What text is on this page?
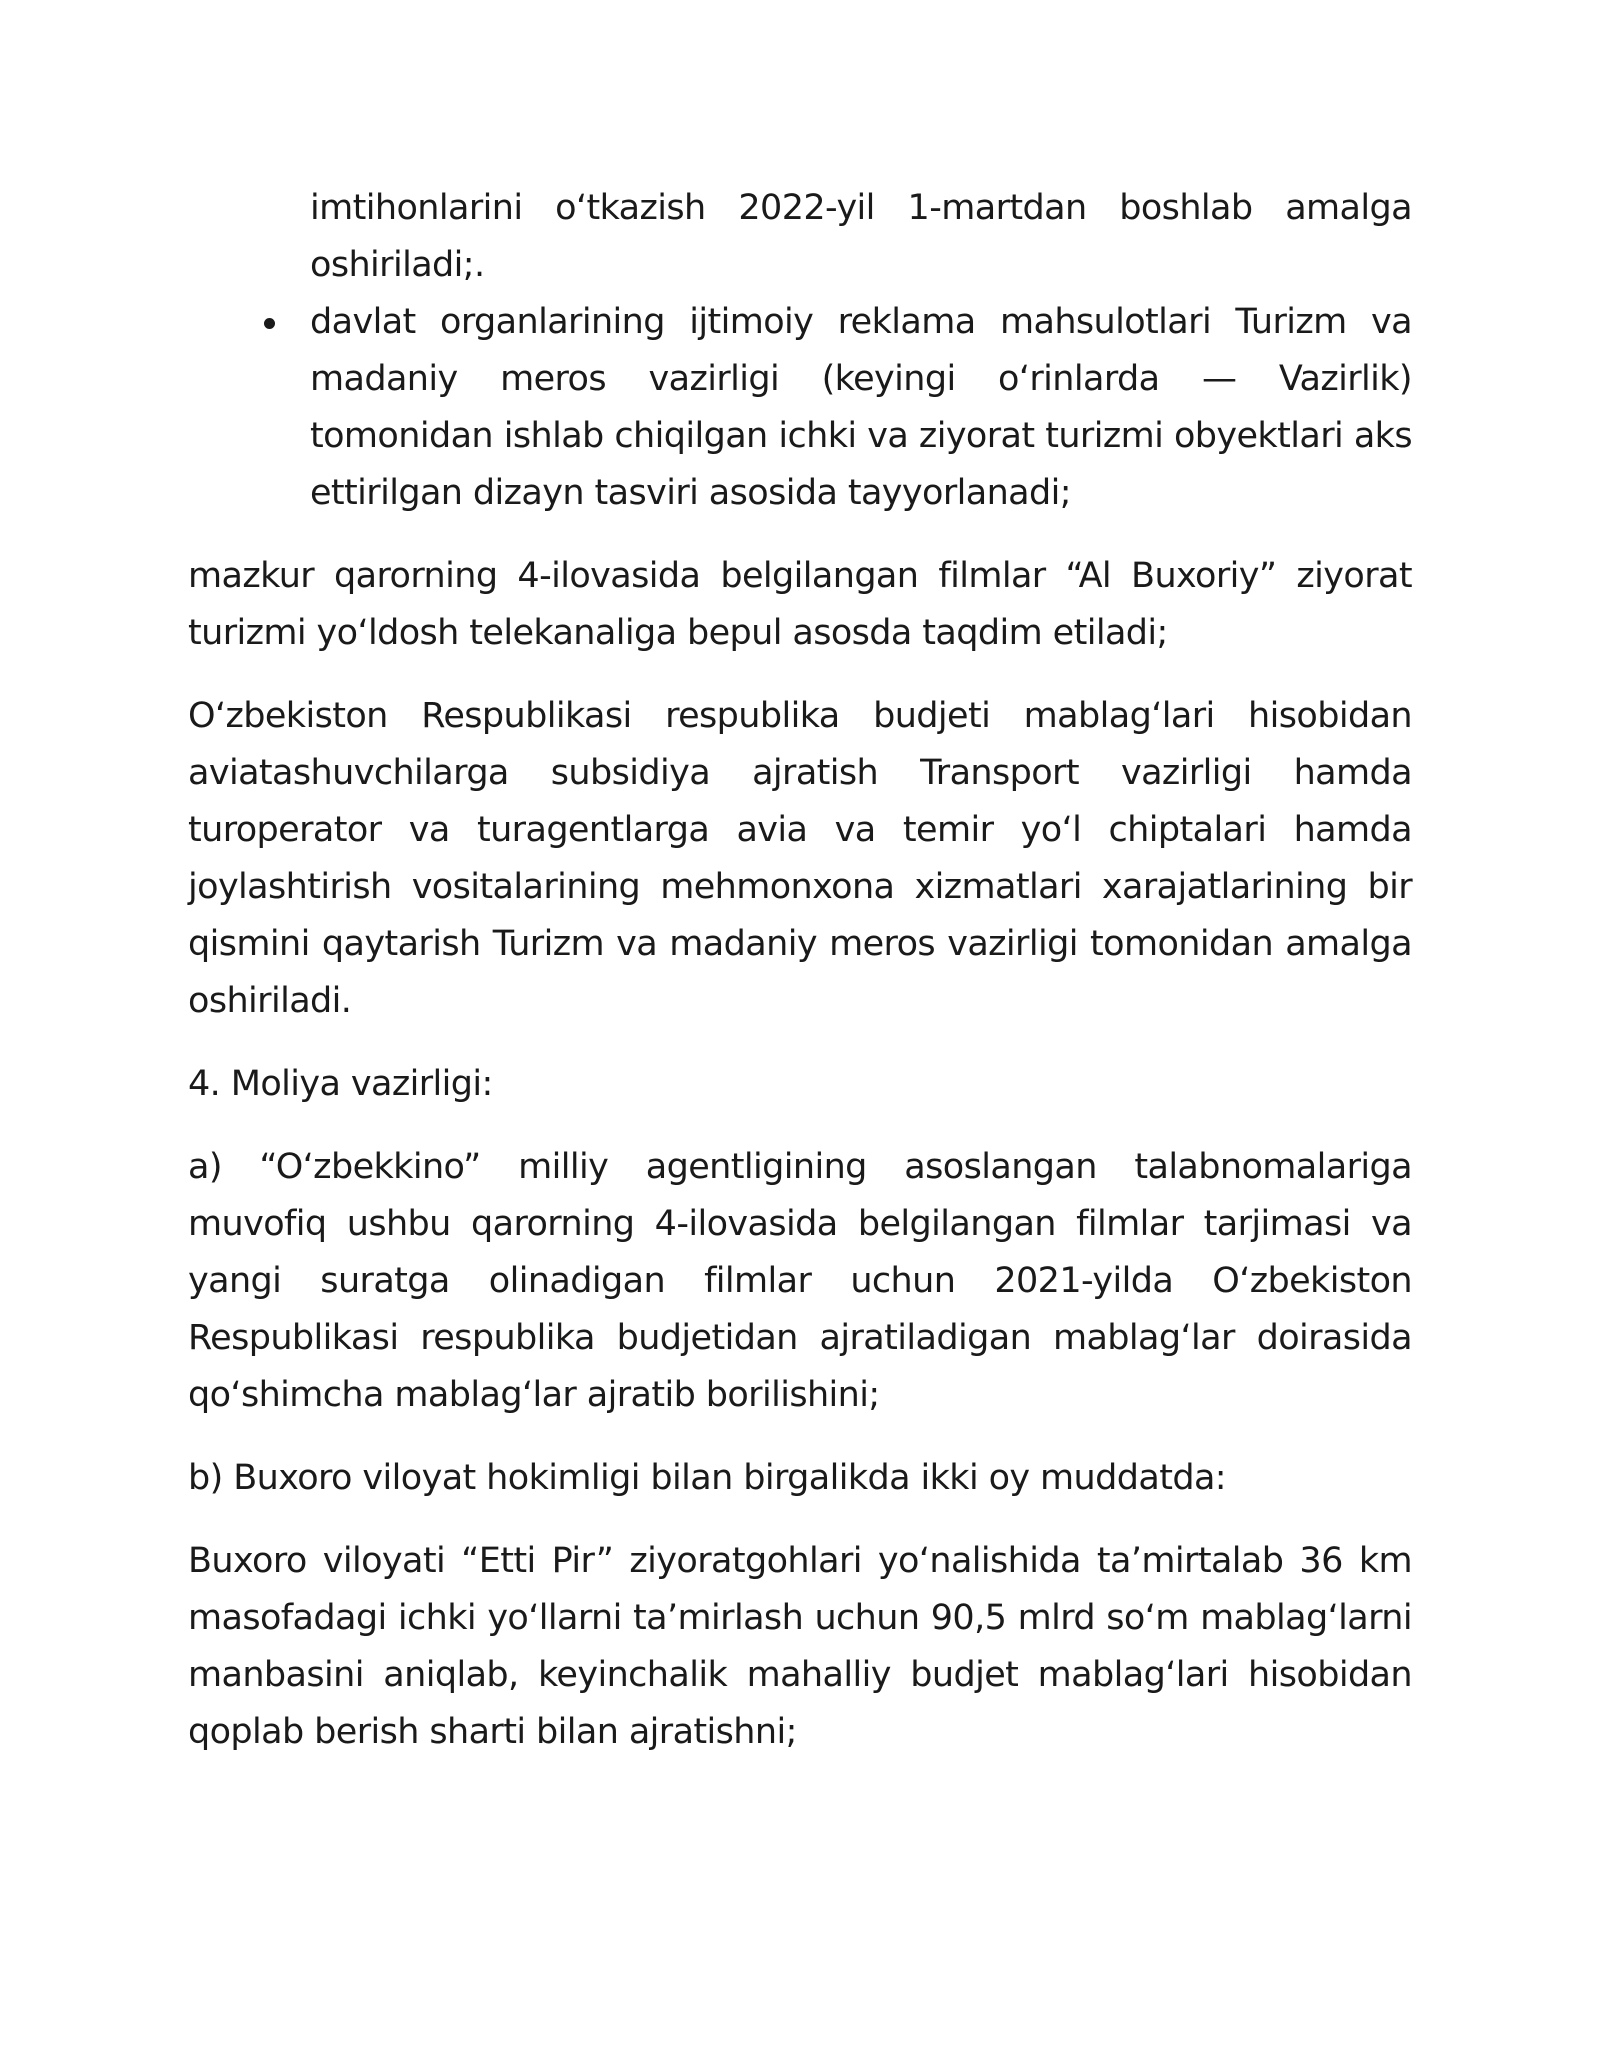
imtihonlarini o‘tkazish 2022-yil 1-martdan boshlab amalga oshiriladi;.
davlat organlarining ijtimoiy reklama mahsulotlari Turizm va madaniy meros vazirligi (keyingi o‘rinlarda — Vazirlik) tomonidan ishlab chiqilgan ichki va ziyorat turizmi obyektlari aks ettirilgan dizayn tasviri asosida tayyorlanadi;

mazkur qarorning 4-ilovasida belgilangan filmlar “Al Buxoriy” ziyorat turizmi yo‘ldosh telekanaliga bepul asosda taqdim etiladi;

O‘zbekiston Respublikasi respublika budjeti mablag‘lari hisobidan aviatashuvchilarga subsidiya ajratish Transport vazirligi hamda turoperator va turagentlarga avia va temir yo‘l chiptalari hamda joylashtirish vositalarining mehmonxona xizmatlari xarajatlarining bir qismini qaytarish Turizm va madaniy meros vazirligi tomonidan amalga oshiriladi.

4. Moliya vazirligi:

a) “O‘zbekkino” milliy agentligining asoslangan talabnomalariga muvofiq ushbu qarorning 4-ilovasida belgilangan filmlar tarjimasi va yangi suratga olinadigan filmlar uchun 2021-yilda O‘zbekiston Respublikasi respublika budjetidan ajratiladigan mablag‘lar doirasida qo‘shimcha mablag‘lar ajratib borilishini;

b) Buxoro viloyat hokimligi bilan birgalikda ikki oy muddatda:

Buxoro viloyati “Etti Pir” ziyoratgohlari yo‘nalishida ta’mirtalab 36 km masofadagi ichki yo‘llarni ta’mirlash uchun 90,5 mlrd so‘m mablag‘larni manbasini aniqlab, keyinchalik mahalliy budjet mablag‘lari hisobidan qoplab berish sharti bilan ajratishni;
